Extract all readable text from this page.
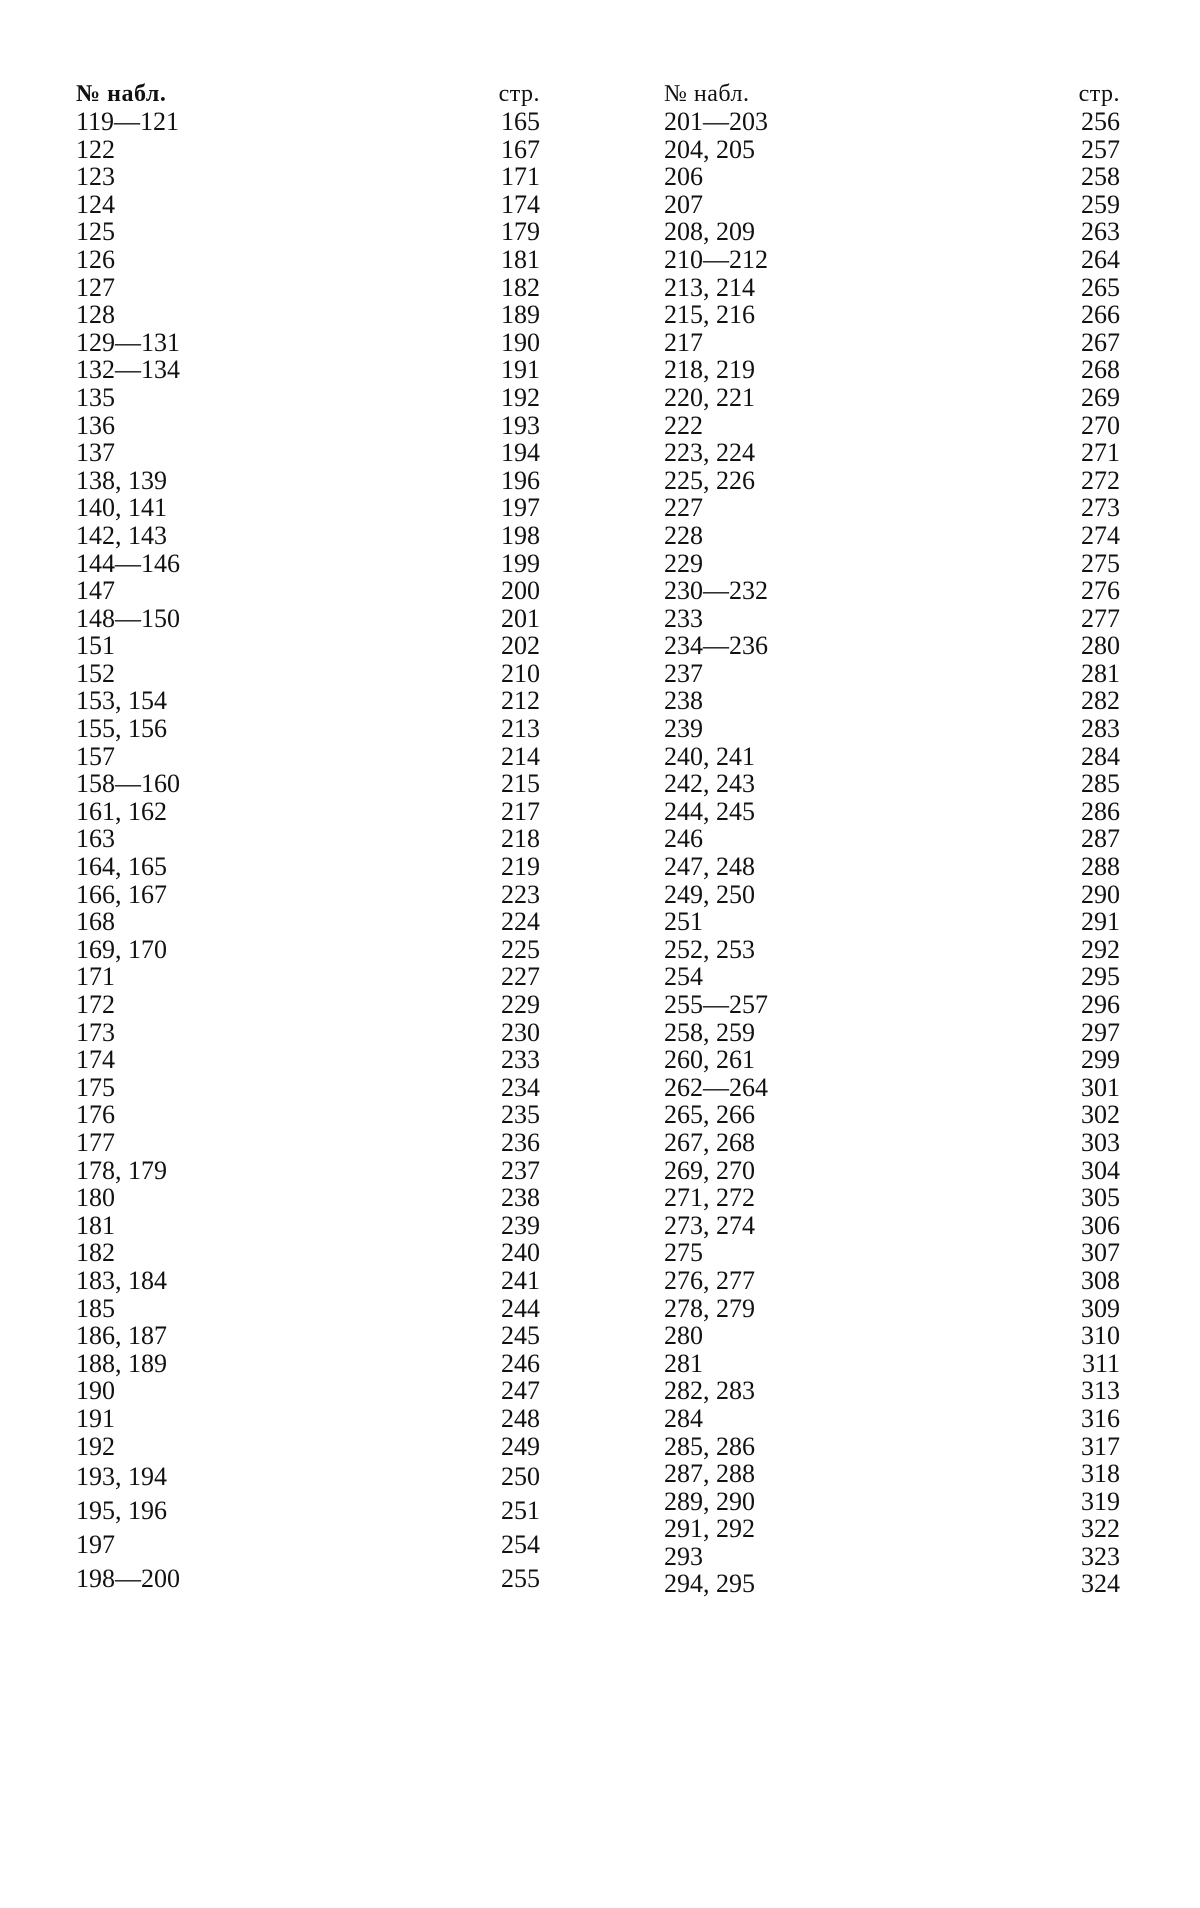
№ набл.
119—121
122
123
124
125
126
127
128
129—131
132—134
135
136
137
138, 139
140, 141
142, 143
144—146
147
148—150
151
152
153, 154
155, 156
157
158—160
161, 162
163
164, 165
166, 167
168
169, 170
171
172
173
174
175
176
177
178, 179
180
181
182
183, 184
185
186, 187
188, 189
190
191
192
193, 194
195, 196
197
198—200
стр.
165
167
171
174
179
181
182
189
190
191
192
193
194
196
197
198
199
200
201
202
210
212
213
214
215
217
218
219
223
224
225
227
229
230
233
234
235
236
237
238
239
240
241
244
245
246
247
248
249
250
251
254
255
№ набл.
201—203
204, 205
206
207
208, 209
210—212
213, 214
215, 216
217
218, 219
220, 221
222
223, 224
225, 226
227
228
229
230—232
233
234—236
237
238
239
240, 241
242, 243
244, 245
246
247, 248
249, 250
251
252, 253
254
255—257
258, 259
260, 261
262—264
265, 266
267, 268
269, 270
271, 272
273, 274
275
276, 277
278, 279
280
281
282, 283
284
285, 286
287, 288
289, 290
291, 292
293
294, 295
стр.
256
257
258
259
263
264
265
266
267
268
269
270
271
272
273
274
275
276
277
280
281
282
283
284
285
286
287
288
290
291
292
295
296
297
299
301
302
303
304
305
306
307
308
309
310
311
313
316
317
318
319
322
323
324
